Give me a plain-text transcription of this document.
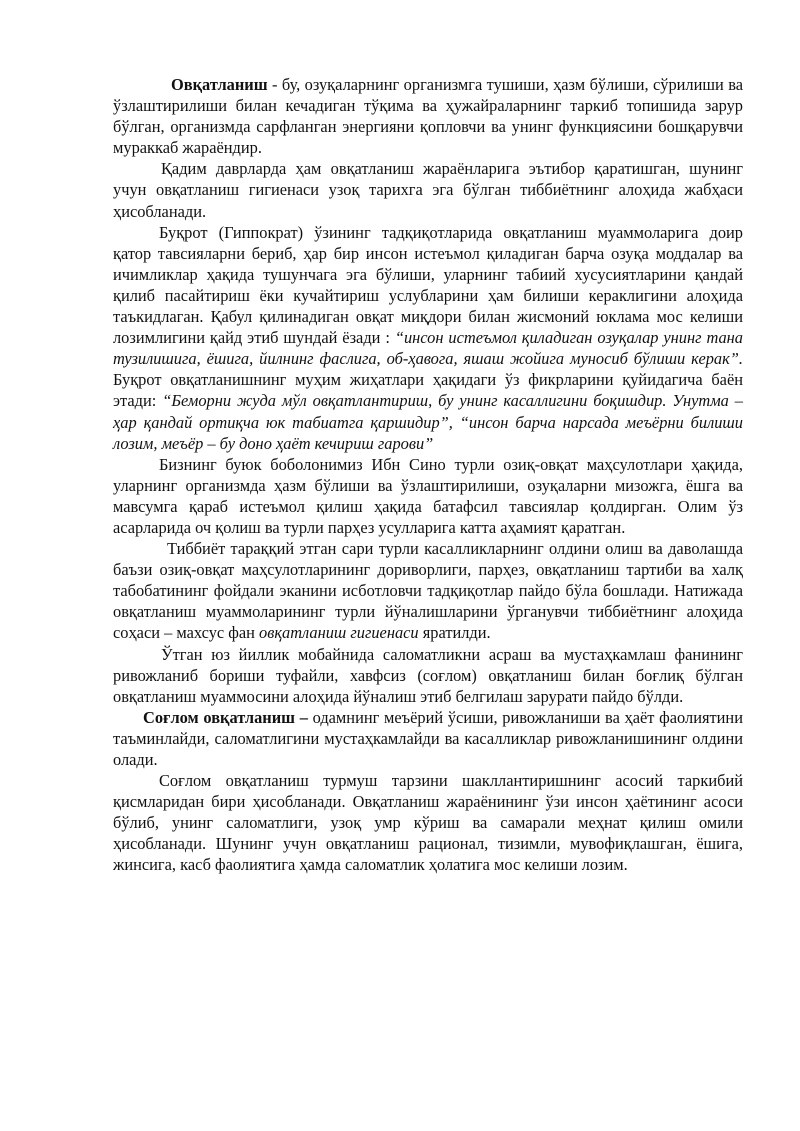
Овқатланиш - бу, озуқаларнинг организмга тушиши, ҳазм бўлиши, сўрилиши ва ўзлаштирилиши билан кечадиган тўқима ва ҳужайраларнинг таркиб топишида зарур бўлган, организмда сарфланган энергияни қопловчи ва унинг функциясини бошқарувчи мураккаб жараёндир.

Қадим даврларда ҳам овқатланиш жараёнларига эътибор қаратишган, шунинг учун овқатланиш гигиенаси узоқ тарихга эга бўлган тиббиётнинг алоҳида жабҳаси ҳисобланади.

Буқрот (Гиппократ) ўзининг тадқиқотларида овқатланиш муаммоларига доир қатор тавсияларни бериб, ҳар бир инсон истеъмол қиладиган барча озуқа моддалар ва ичимликлар ҳақида тушунчага эга бўлиши, уларнинг табиий хусусиятларини қандай қилиб пасайтириш ёки кучайтириш услубларини ҳам билиши кераклигини алоҳида таъкидлаган. Қабул қилинадиган овқат миқдори билан жисмоний юклама мос келиши лозимлигини қайд этиб шундай ёзади : “инсон истеъмол қиладиган озуқалар унинг тана тузилишига, ёшига, йилнинг фаслига, об-ҳавога, яшаш жойига муносиб бўлиши керак”. Буқрот овқатланишнинг муҳим жиҳатлари ҳақидаги ўз фикрларини қуйидагича баён этади: “Беморни жуда мўл овқатлантириш, бу унинг касаллигини боқишдир. Унутма – ҳар қандай ортиқча юк табиатга қаршидир”, “инсон барча нарсада меъёрни билиши лозим, меъёр – бу доно ҳаёт кечириш гарови”

Бизнинг буюк боболонимиз Ибн Сино турли озиқ-овқат маҳсулотлари ҳақида, уларнинг организмда ҳазм бўлиши ва ўзлаштирилиши, озуқаларни мизожга, ёшга ва мавсумга қараб истеъмол қилиш ҳақида батафсил тавсиялар қолдирган. Олим ўз асарларида оч қолиш ва турли парҳез усулларига катта аҳамият қаратган.

Тиббиёт тараққий этган сари турли касалликларнинг олдини олиш ва даволашда баъзи озиқ-овқат маҳсулотларининг дориворлиги, парҳез, овқатланиш тартиби ва халқ табобатининг фойдали эканини исботловчи тадқиқотлар пайдо бўла бошлади. Натижада овқатланиш муаммоларининг турли йўналишларини ўрганувчи тиббиётнинг алоҳида соҳаси – махсус фан овқатланиш гигиенаси яратилди.

Ўтган юз йиллик мобайнида саломатликни асраш ва мустаҳкамлаш фанининг ривожланиб бориши туфайли, хавфсиз (соғлом) овқатланиш билан боғлиқ бўлган овқатланиш муаммосини алоҳида йўналиш этиб белгилаш зарурати пайдо бўлди.

Соғлом овқатланиш – одамнинг меъёрий ўсиши, ривожланиши ва ҳаёт фаолиятини таъминлайди, саломатлигини мустаҳкамлайди ва касалликлар ривожланишининг олдини олади.

Соғлом овқатланиш турмуш тарзини шакллантиришнинг асосий таркибий қисмларидан бири ҳисобланади. Овқатланиш жараёнининг ўзи инсон ҳаётининг асоси бўлиб, унинг саломатлиги, узоқ умр кўриш ва самарали меҳнат қилиш омили ҳисобланади. Шунинг учун овқатланиш рационал, тизимли, мувофиқлашган, ёшига, жинсига, касб фаолиятига ҳамда саломатлик ҳолатига мос келиши лозим.
